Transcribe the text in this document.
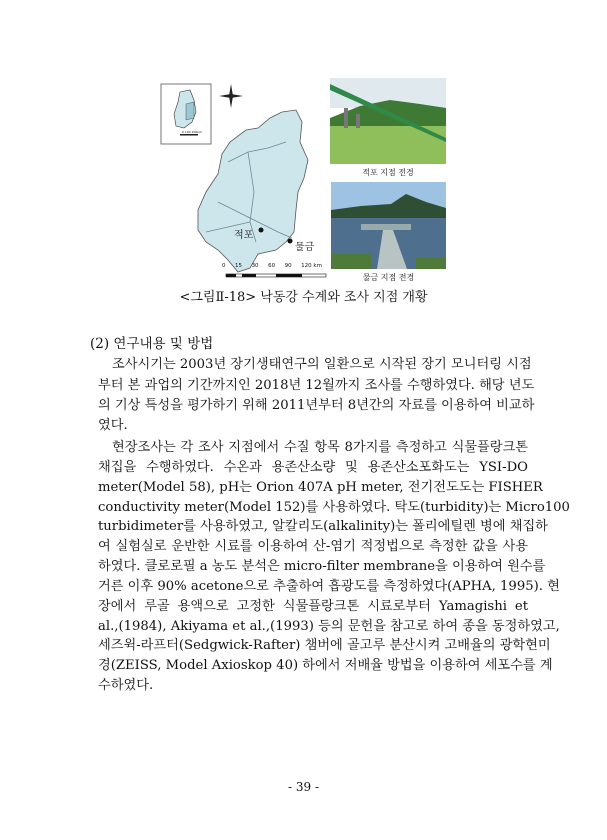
적포
물금
0 15 30 60 90 120 km
0 100 200km
적포 지점 전경
물금 지점 전경
<그림Ⅱ-18> 낙동강 수계와 조사 지점 개황
(2) 연구내용 및 방법
조사시기는 2003년 장기생태연구의 일환으로 시작된 장기 모니터링 시점
부터 본 과업의 기간까지인 2018년 12월까지 조사를 수행하였다. 해당 년도
의 기상 특성을 평가하기 위해 2011년부터 8년간의 자료를 이용하여 비교하
였다.
현장조사는 각 조사 지점에서 수질 항목 8가지를 측정하고 식물플랑크톤
채집을 수행하였다. 수온과 용존산소량 및 용존산소포화도는 YSI-DO
meter(Model 58), pH는 Orion 407A pH meter, 전기전도도는 FISHER
conductivity meter(Model 152)를 사용하였다. 탁도(turbidity)는 Micro100
turbidimeter를 사용하였고, 알칼리도(alkalinity)는 폴리에틸렌 병에 채집하
여 실험실로 운반한 시료를 이용하여 산-염기 적정법으로 측정한 값을 사용
하였다. 클로로필 a 농도 분석은 micro-filter membrane을 이용하여 원수를
거른 이후 90% acetone으로 추출하여 흡광도를 측정하였다(APHA, 1995). 현
장에서 루골 용액으로 고정한 식물플랑크톤 시료로부터 Yamagishi et
al.,(1984), Akiyama et al.,(1993) 등의 문헌을 참고로 하여 종을 동정하였고,
세즈윅-라프터(Sedgwick-Rafter) 챔버에 골고루 분산시켜 고배율의 광학현미
경(ZEISS, Model Axioskop 40) 하에서 저배율 방법을 이용하여 세포수를 계
수하였다.
- 39 -
